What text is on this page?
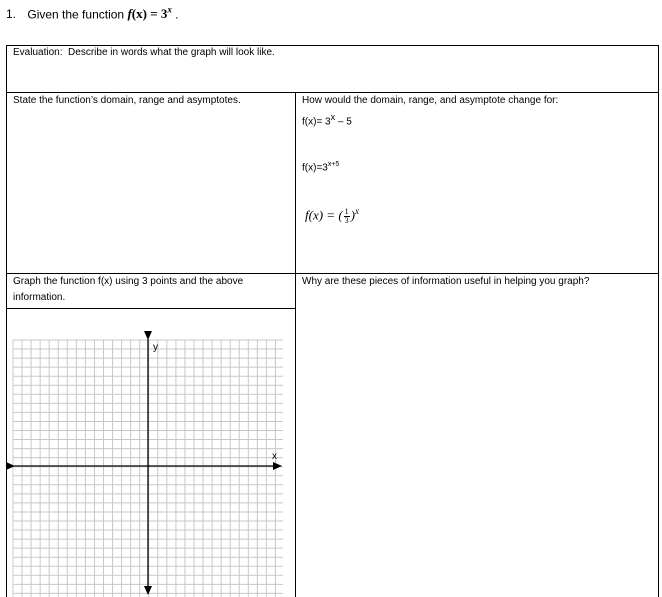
1. Given the function $f(x) = 3^x$ .
Evaluation: Describe in words what the graph will look like.
State the function’s domain, range and asymptotes.	How would the domain, range, and asymptote change for:
$f(x)= 3^x - 5$
$f(x)=3^{x+5}$
f(x) = ( $\frac{1}{3} )^x$
Graph the function f(x) using 3 points and the above
information.
Why are these pieces of information useful in helping you graph?
y
x
